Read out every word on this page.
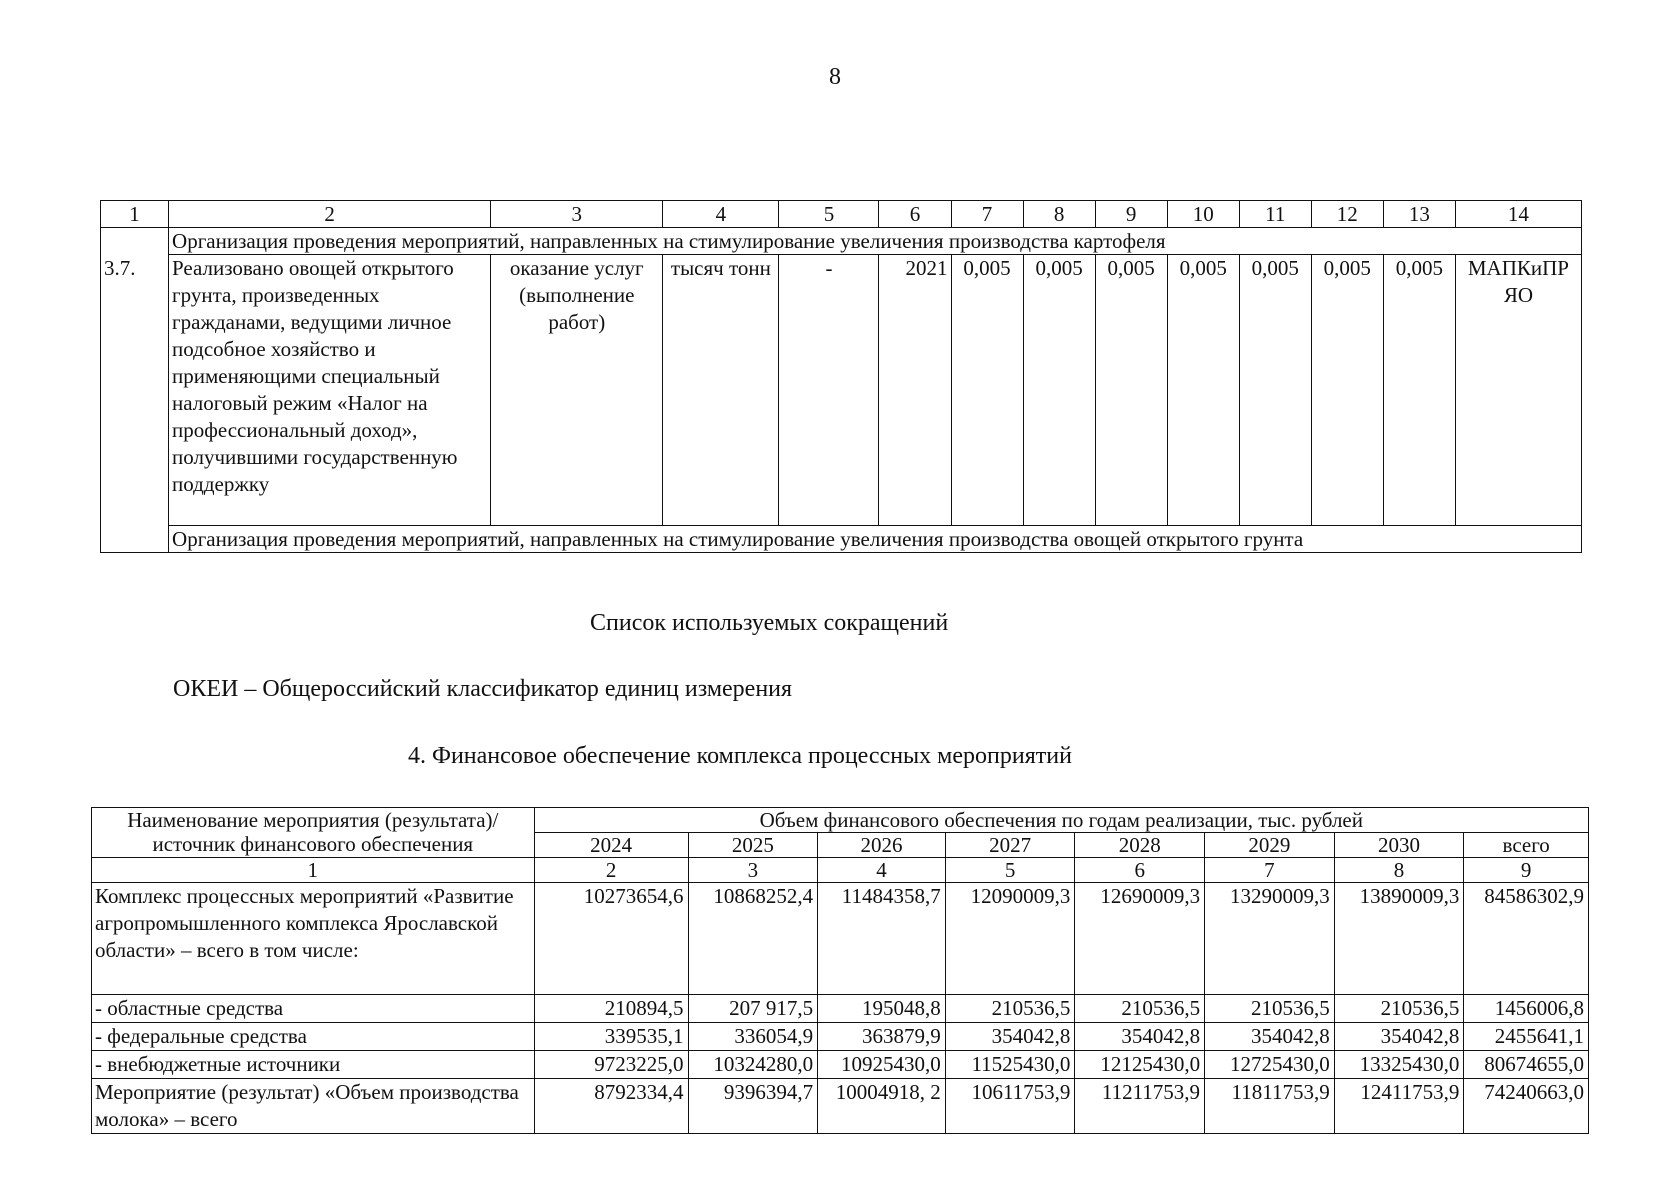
8
1	2	3	4	5	6	7	8	9	10	11	12	13	14
	Организация проведения мероприятий, направленных на стимулирование увеличения производства картофеля												
3.7.	Реализовано овощей открытого грунта, произведенных гражданами, ведущими личное подсобное хозяйство и применяющими специальный налоговый режим «Налог на профессиональный доход», получившими государственную поддержку	оказание услуг (выполнение работ)	тысяч тонн	-	2021	0,005	0,005	0,005	0,005	0,005	0,005	0,005	МАПКиПР ЯО
	Организация проведения мероприятий, направленных на стимулирование увеличения производства овощей открытого грунта												
Список используемых сокращений
ОКЕИ – Общероссийский классификатор единиц измерения
4. Финансовое обеспечение комплекса процессных мероприятий
Наименование мероприятия (результата)/ источник финансового обеспечения	Объем финансового обеспечения по годам реализации, тыс. рублей							
	2024	2025	2026	2027	2028	2029	2030	всего
1	2	3	4	5	6	7	8	9
Комплекс процессных мероприятий «Развитие агропромышленного комплекса Ярославской области» – всего в том числе:	10273654,6	10868252,4	11484358,7	12090009,3	12690009,3	13290009,3	13890009,3	84586302,9
- областные средства	210894,5	207 917,5	195048,8	210536,5	210536,5	210536,5	210536,5	1456006,8
- федеральные средства	339535,1	336054,9	363879,9	354042,8	354042,8	354042,8	354042,8	2455641,1
- внебюджетные источники	9723225,0	10324280,0	10925430,0	11525430,0	12125430,0	12725430,0	13325430,0	80674655,0
Мероприятие (результат) «Объем производства молока» – всего	8792334,4	9396394,7	10004918, 2	10611753,9	11211753,9	11811753,9	12411753,9	74240663,0
